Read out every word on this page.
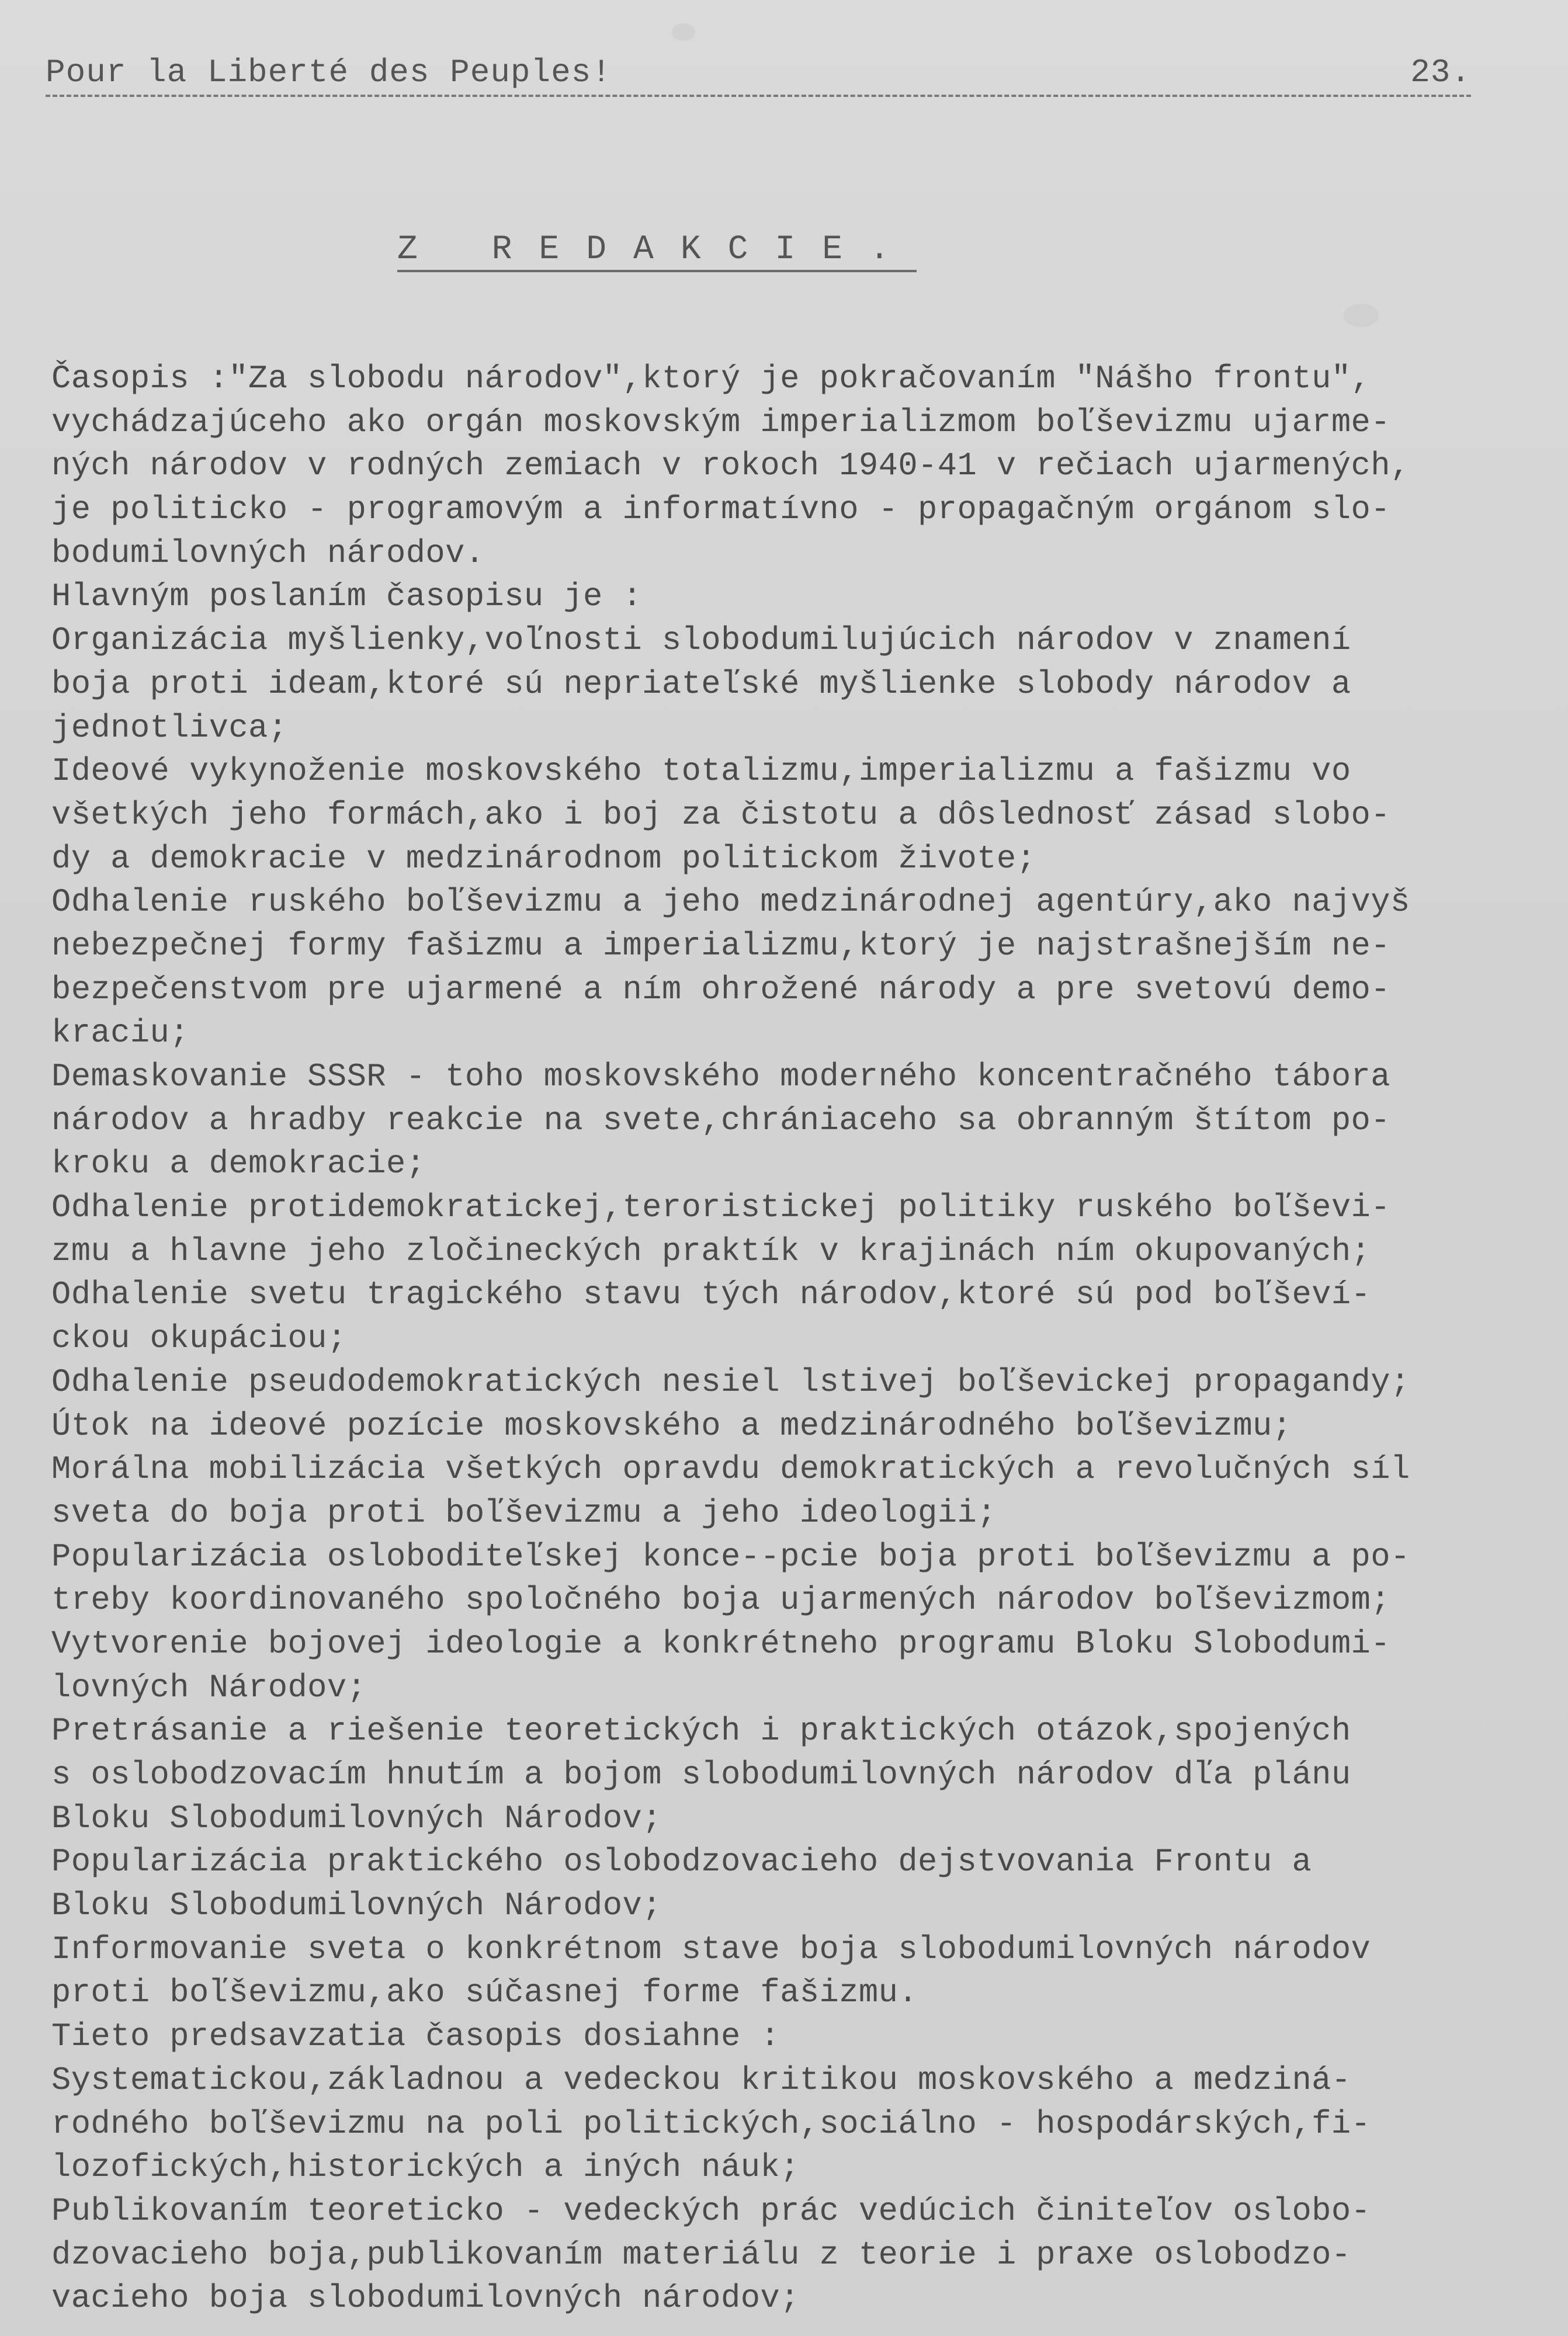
Pour la Liberté des Peuples!	23.
Z REDAKCIE.
Časopis :"Za slobodu národov",ktorý je pokračovaním "Nášho frontu",
vychádzajúceho ako orgán moskovským imperializmom boľševizmu ujarme-
ných národov v rodných zemiach v rokoch 1940-41 v rečiach ujarmených,
je politicko - programovým a informatívno - propagačným orgánom slo-
bodumilovných národov.
Hlavným poslaním časopisu je :
Organizácia myšlienky,voľnosti slobodumilujúcich národov v znamení
boja proti ideam,ktoré sú nepriateľské myšlienke slobody národov a
jednotlivca;
Ideové vykynoženie moskovského totalizmu,imperializmu a fašizmu vo
všetkých jeho formách,ako i boj za čistotu a dôslednosť zásad slobo-
dy a demokracie v medzinárodnom politickom živote;
Odhalenie ruského boľševizmu a jeho medzinárodnej agentúry,ako najvyš
nebezpečnej formy fašizmu a imperializmu,ktorý je najstrašnejším ne-
bezpečenstvom pre ujarmené a ním ohrožené národy a pre svetovú demo-
kraciu;
Demaskovanie SSSR - toho moskovského moderného koncentračného tábora
národov a hradby reakcie na svete,chrániaceho sa obranným štítom po-
kroku a demokracie;
Odhalenie protidemokratickej,teroristickej politiky ruského boľševi-
zmu a hlavne jeho zločineckých praktík v krajinách ním okupovaných;
Odhalenie svetu tragického stavu tých národov,ktoré sú pod boľševí-
ckou okupáciou;
Odhalenie pseudodemokratických nesiel lstivej boľševickej propagandy;
Útok na ideové pozície moskovského a medzinárodného boľševizmu;
Morálna mobilizácia všetkých opravdu demokratických a revolučných síl
sveta do boja proti boľševizmu a jeho ideologii;
Popularizácia osloboditeľskej konce--pcie boja proti boľševizmu a po-
treby koordinovaného spoločného boja ujarmených národov boľševizmom;
Vytvorenie bojovej ideologie a konkrétneho programu Bloku Slobodumi-
lovných Národov;
Pretrásanie a riešenie teoretických i praktických otázok,spojených
s oslobodzovacím hnutím a bojom slobodumilovných národov dľa plánu
Bloku Slobodumilovných Národov;
Popularizácia praktického oslobodzovacieho dejstvovania Frontu a
Bloku Slobodumilovných Národov;
Informovanie sveta o konkrétnom stave boja slobodumilovných národov
proti boľševizmu,ako súčasnej forme fašizmu.
Tieto predsavzatia časopis dosiahne :
Systematickou,základnou a vedeckou kritikou moskovského a medziná-
rodného boľševizmu na poli politických,sociálno - hospodárských,fi-
lozofických,historických a iných náuk;
Publikovaním teoreticko - vedeckých prác vedúcich činiteľov oslobo-
dzovacieho boja,publikovaním materiálu z teorie i praxe oslobodzo-
vacieho boja slobodumilovných národov;
